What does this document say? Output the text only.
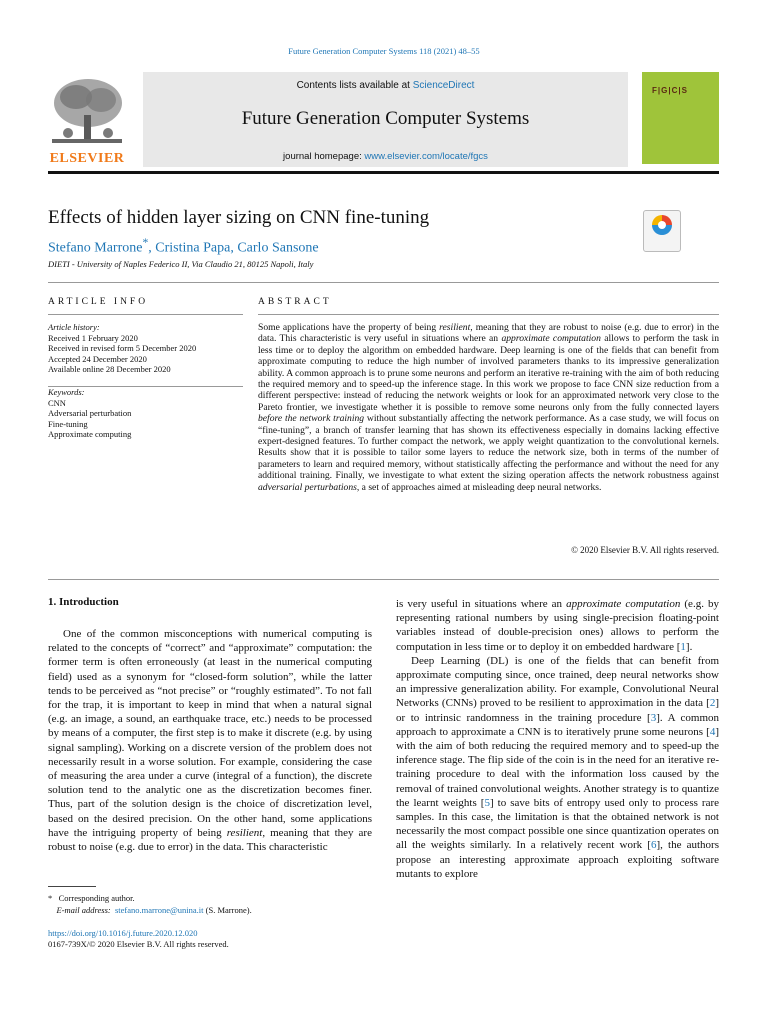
Future Generation Computer Systems 118 (2021) 48–55
Contents lists available at ScienceDirect
Future Generation Computer Systems
journal homepage: www.elsevier.com/locate/fgcs
ELSEVIER
F|G|C|S
Effects of hidden layer sizing on CNN fine-tuning
Stefano Marrone*, Cristina Papa, Carlo Sansone
DIETI - University of Naples Federico II, Via Claudio 21, 80125 Napoli, Italy
ARTICLE INFO	ABSTRACT
Article history:
Received 1 February 2020
Received in revised form 5 December 2020
Accepted 24 December 2020
Available online 28 December 2020
Keywords:
CNN
Adversarial perturbation
Fine-tuning
Approximate computing
Some applications have the property of being resilient, meaning that they are robust to noise (e.g. due to error) in the data. This characteristic is very useful in situations where an approximate computation allows to perform the task in less time or to deploy the algorithm on embedded hardware. Deep learning is one of the fields that can benefit from approximate computing to reduce the high number of involved parameters thanks to its impressive generalization ability. A common approach is to prune some neurons and perform an iterative re-training with the aim of both reducing the required memory and to speed-up the inference stage. In this work we propose to face CNN size reduction from a different perspective: instead of reducing the network weights or look for an approximated network very close to the Pareto frontier, we investigate whether it is possible to remove some neurons only from the fully connected layers before the network training without substantially affecting the network performance. As a case study, we will focus on “fine-tuning”, a branch of transfer learning that has shown its effectiveness especially in domains lacking effective expert-designed features. To further compact the network, we apply weight quantization to the convolutional kernels. Results show that it is possible to tailor some layers to reduce the network size, both in terms of the number of parameters to learn and required memory, without statistically affecting the performance and without the need for any additional training. Finally, we investigate to what extent the sizing operation affects the network robustness against adversarial perturbations, a set of approaches aimed at misleading deep neural networks.
© 2020 Elsevier B.V. All rights reserved.
1. Introduction

One of the common misconceptions with numerical computing is related to the concepts of “correct” and “approximate” computation: the former term is often erroneously (at least in the numerical computing field) used as a synonym for “closed-form solution”, while the latter tends to be perceived as “not precise” or “roughly estimated”. To not fall for the trap, it is important to keep in mind that when a natural signal (e.g. an image, a sound, an earthquake trace, etc.) needs to be processed by means of a computer, the first step is to make it discrete (e.g. by using signal sampling). Working on a discrete version of the problem does not necessarily result in a worse solution. For example, considering the case of measuring the area under a curve (integral of a function), the discrete solution tend to the analytic one as the discretization becomes finer. Thus, part of the solution design is the choice of discretization level, based on the desired precision. On the other hand, some applications have the intriguing property of being resilient, meaning that they are robust to noise (e.g. due to error) in the data. This characteristic

is very useful in situations where an approximate computation (e.g. by representing rational numbers by using single-precision floating-point variables instead of double-precision ones) allows to perform the computation in less time or to deploy it on embedded hardware [1].

Deep Learning (DL) is one of the fields that can benefit from approximate computing since, once trained, deep neural networks show an impressive generalization ability. For example, Convolutional Neural Networks (CNNs) proved to be resilient to approximation in the data [2] or to intrinsic randomness in the training procedure [3]. A common approach to approximate a CNN is to iteratively prune some neurons [4] with the aim of both reducing the required memory and to speed-up the inference stage. The flip side of the coin is in the need for an iterative re-training procedure to deal with the information loss caused by the removal of trained convolutional weights. Another strategy is to quantize the learnt weights [5] to save bits of entropy used only to process rare samples. In this case, the limitation is that the obtained network is not necessarily the most compact possible one since quantization operates on all the weights similarly. In a relatively recent work [6], the authors propose an interesting approximate approach exploiting software mutants to explore

* Corresponding author.
E-mail address: stefano.marrone@unina.it (S. Marrone).
https://doi.org/10.1016/j.future.2020.12.020
0167-739X/© 2020 Elsevier B.V. All rights reserved.
